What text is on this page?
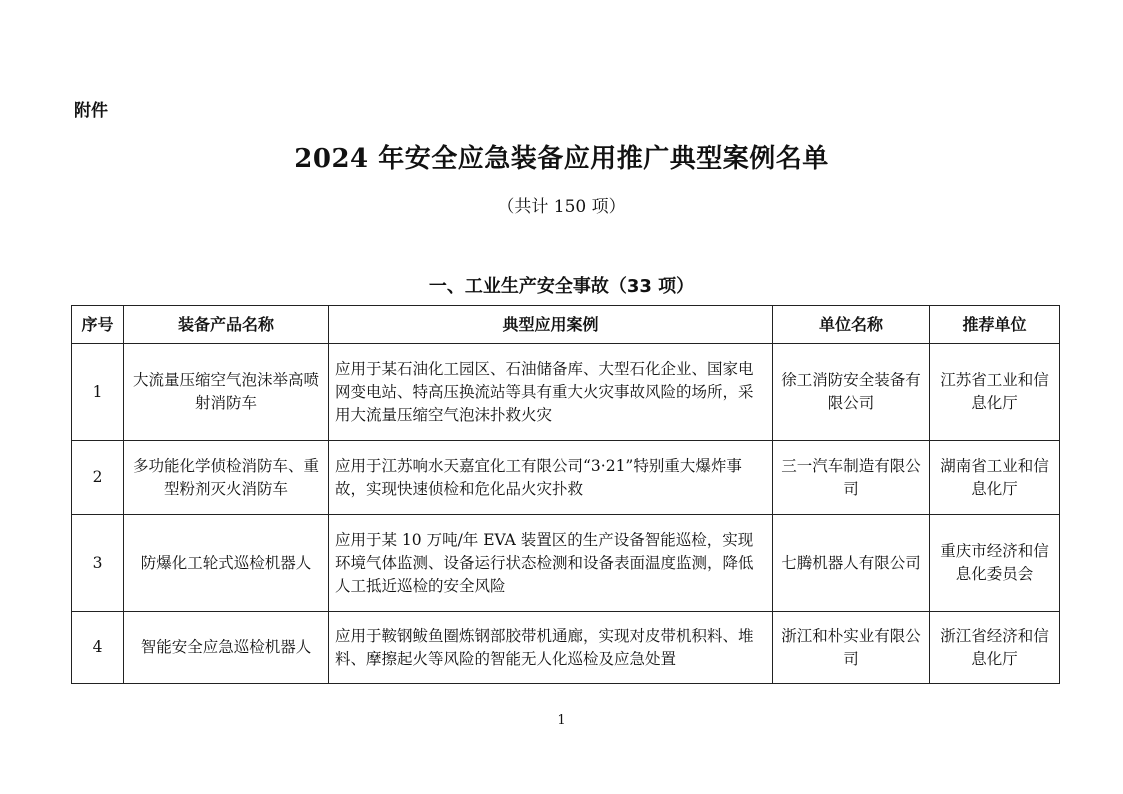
附件
2024 年安全应急装备应用推广典型案例名单
（共计 150 项）
一、工业生产安全事故（33 项）
序号	装备产品名称	典型应用案例	单位名称	推荐单位
1	大流量压缩空气泡沫举高喷射消防车	应用于某石油化工园区、石油储备库、大型石化企业、国家电网变电站、特高压换流站等具有重大火灾事故风险的场所，采用大流量压缩空气泡沫扑救火灾	徐工消防安全装备有限公司	江苏省工业和信息化厅
2	多功能化学侦检消防车、重型粉剂灭火消防车	应用于江苏响水天嘉宜化工有限公司“3·21”特别重大爆炸事故，实现快速侦检和危化品火灾扑救	三一汽车制造有限公司	湖南省工业和信息化厅
3	防爆化工轮式巡检机器人	应用于某 10 万吨/年 EVA 装置区的生产设备智能巡检，实现环境气体监测、设备运行状态检测和设备表面温度监测，降低人工抵近巡检的安全风险	七腾机器人有限公司	重庆市经济和信息化委员会
4	智能安全应急巡检机器人	应用于鞍钢鲅鱼圈炼钢部胶带机通廊，实现对皮带机积料、堆料、摩擦起火等风险的智能无人化巡检及应急处置	浙江和朴实业有限公司	浙江省经济和信息化厅
1
